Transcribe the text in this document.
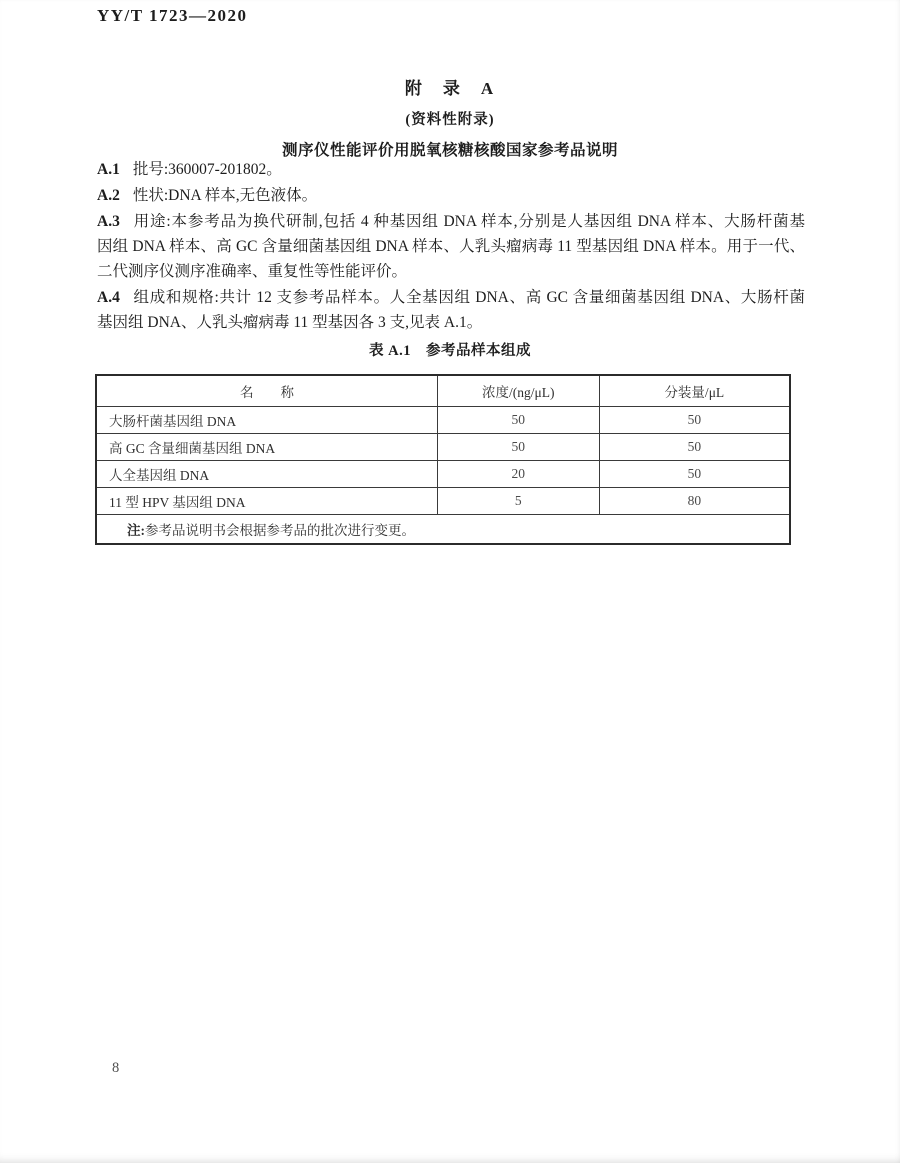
YY/T 1723—2020
附　录　A
(资料性附录)
测序仪性能评价用脱氧核糖核酸国家参考品说明
A.1 批号:360007-201802。
A.2 性状:DNA 样本,无色液体。
A.3 用途:本参考品为换代研制,包括 4 种基因组 DNA 样本,分别是人基因组 DNA 样本、大肠杆菌基
因组 DNA 样本、高 GC 含量细菌基因组 DNA 样本、人乳头瘤病毒 11 型基因组 DNA 样本。用于一代、
二代测序仪测序准确率、重复性等性能评价。
A.4 组成和规格:共计 12 支参考品样本。人全基因组 DNA、高 GC 含量细菌基因组 DNA、大肠杆菌
基因组 DNA、人乳头瘤病毒 11 型基因各 3 支,见表 A.1。
表 A.1　参考品样本组成
名　　称	浓度/(ng/μL)	分装量/μL
大肠杆菌基因组 DNA	50	50
高 GC 含量细菌基因组 DNA	50	50
人全基因组 DNA	20	50
11 型 HPV 基因组 DNA	5	80
注:参考品说明书会根据参考品的批次进行变更。		
8
